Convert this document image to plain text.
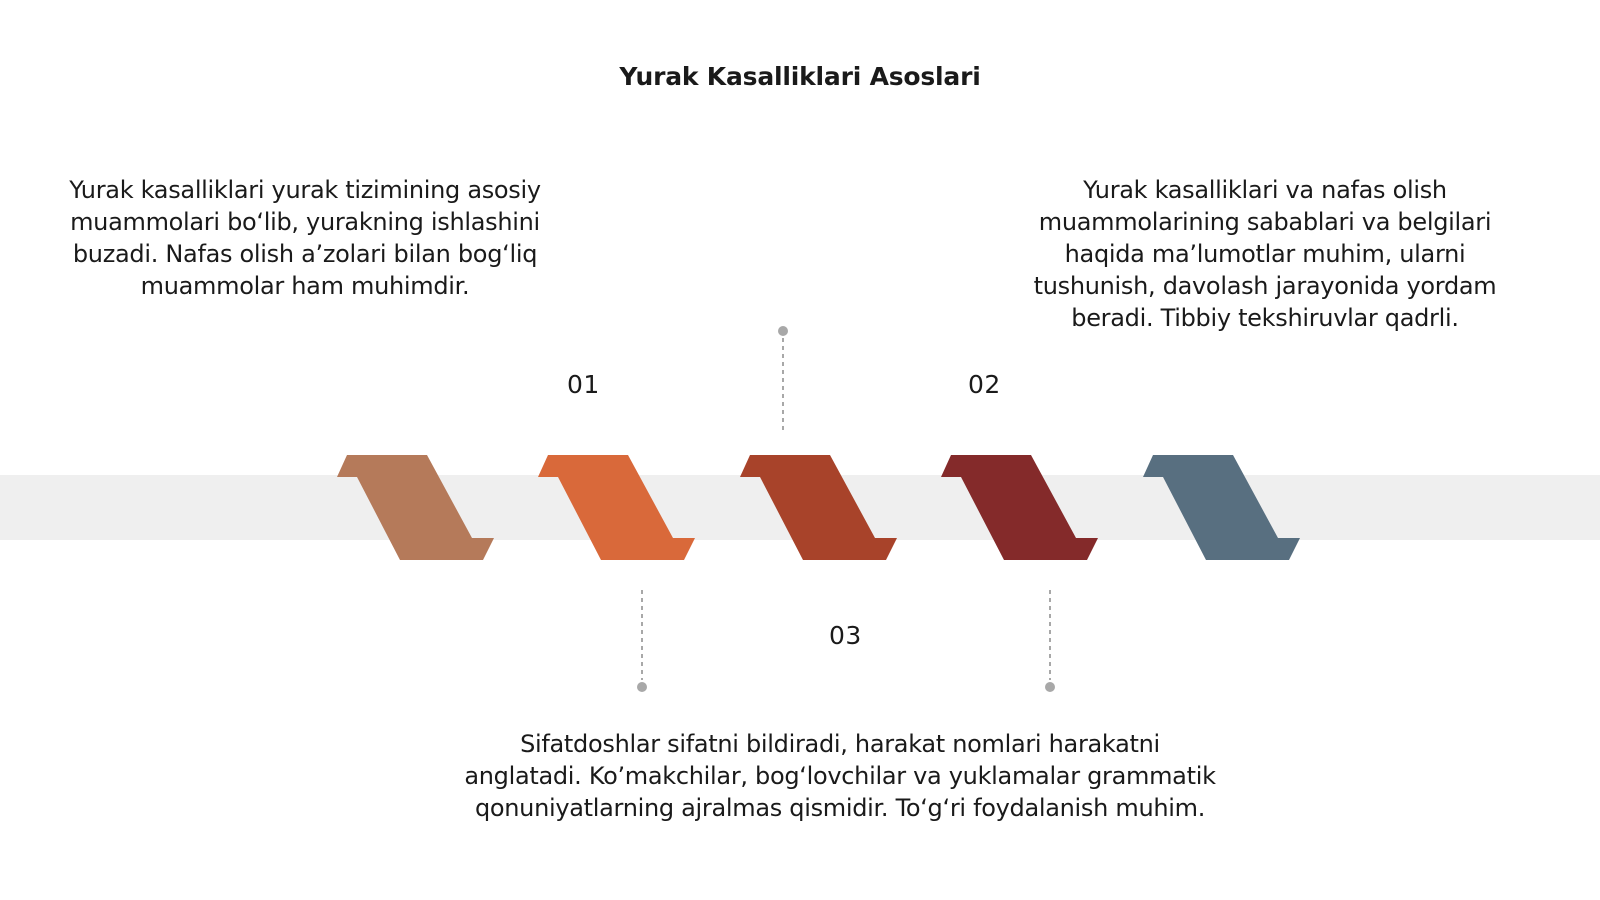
Yurak Kasalliklari Asoslari
Yurak kasalliklari yurak tizimining asosiy muammolari bo‘lib, yurakning ishlashini buzadi. Nafas olish a’zolari bilan bog‘liq muammolar ham muhimdir.
Yurak kasalliklari va nafas olish muammolarining sabablari va belgilari haqida ma’lumotlar muhim, ularni tushunish, davolash jarayonida yordam beradi. Tibbiy tekshiruvlar qadrli.
Sifatdoshlar sifatni bildiradi, harakat nomlari harakatni anglatadi. Ko’makchilar, bog‘lovchilar va yuklamalar grammatik qonuniyatlarning ajralmas qismidir. To‘g‘ri foydalanish muhim.
01	02
03
